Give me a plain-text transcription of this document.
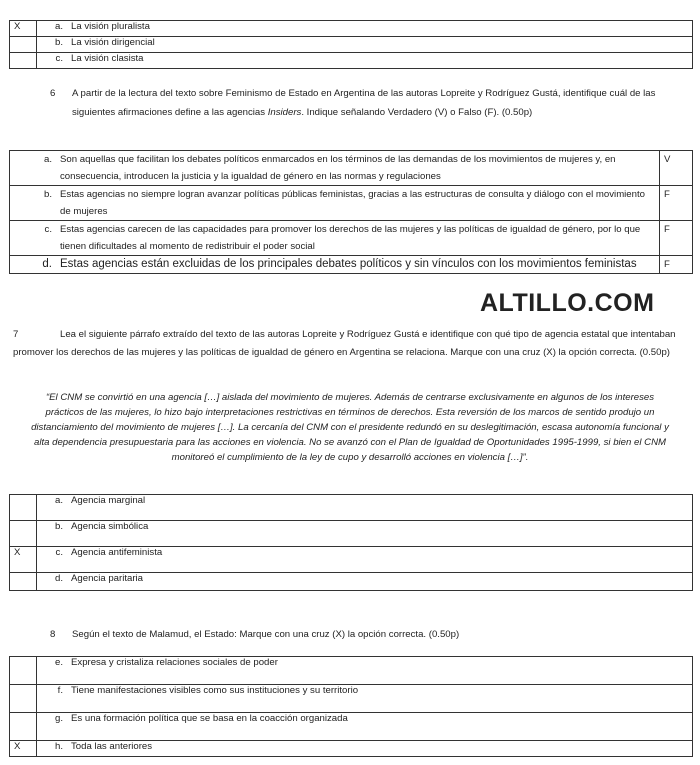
X	a. La visión pluralista
	b. La visión dirigencial
	c. La visión clasista
6 A partir de la lectura del texto sobre Feminismo de Estado en Argentina de las autoras Lopreite y Rodríguez Gustá, identifique cuál de las siguientes afirmaciones define a las agencias Insiders. Indique señalando Verdadero (V) o Falso (F). (0.50p)
a. Son aquellas que facilitan los debates políticos enmarcados en los términos de las demandas de los movimientos de mujeres y, en consecuencia, introducen la justicia y la igualdad de género en las normas y regulaciones	V
b. Estas agencias no siempre logran avanzar políticas públicas feministas, gracias a las estructuras de consulta y diálogo con el movimiento de mujeres	F
c. Estas agencias carecen de las capacidades para promover los derechos de las mujeres y las políticas de igualdad de género, por lo que tienen dificultades al momento de redistribuir el poder social	F
d. Estas agencias están excluidas de los principales debates políticos y sin vínculos con los movimientos feministas	F
ALTILLO.COM
7	Lea el siguiente párrafo extraído del texto de las autoras Lopreite y Rodríguez Gustá e identifique con qué tipo de agencia estatal que intentaban promover los derechos de las mujeres y las políticas de igualdad de género en Argentina se relaciona. Marque con una cruz (X) la opción correcta. (0.50p)
“El CNM se convirtió en una agencia […] aislada del movimiento de mujeres. Además de centrarse exclusivamente en algunos de los intereses prácticos de las mujeres, lo hizo bajo interpretaciones restrictivas en términos de derechos. Esta reversión de los marcos de sentido produjo un distanciamiento del movimiento de mujeres […]. La cercanía del CNM con el presidente redundó en su deslegitimación, escasa autonomía funcional y alta dependencia presupuestaria para las acciones en violencia. No se avanzó con el Plan de Igualdad de Oportunidades 1995-1999, si bien el CNM monitoreó el cumplimiento de la ley de cupo y desarrolló acciones en violencia […]”.
	a. Agencia marginal
	b. Agencia simbólica
X	c. Agencia antifeminista
	d. Agencia paritaria
8 Según el texto de Malamud, el Estado: Marque con una cruz (X) la opción correcta. (0.50p)
	e. Expresa y cristaliza relaciones sociales de poder
	f. Tiene manifestaciones visibles como sus instituciones y su territorio
	g. Es una formación política que se basa en la coacción organizada
X	h. Toda las anteriores
